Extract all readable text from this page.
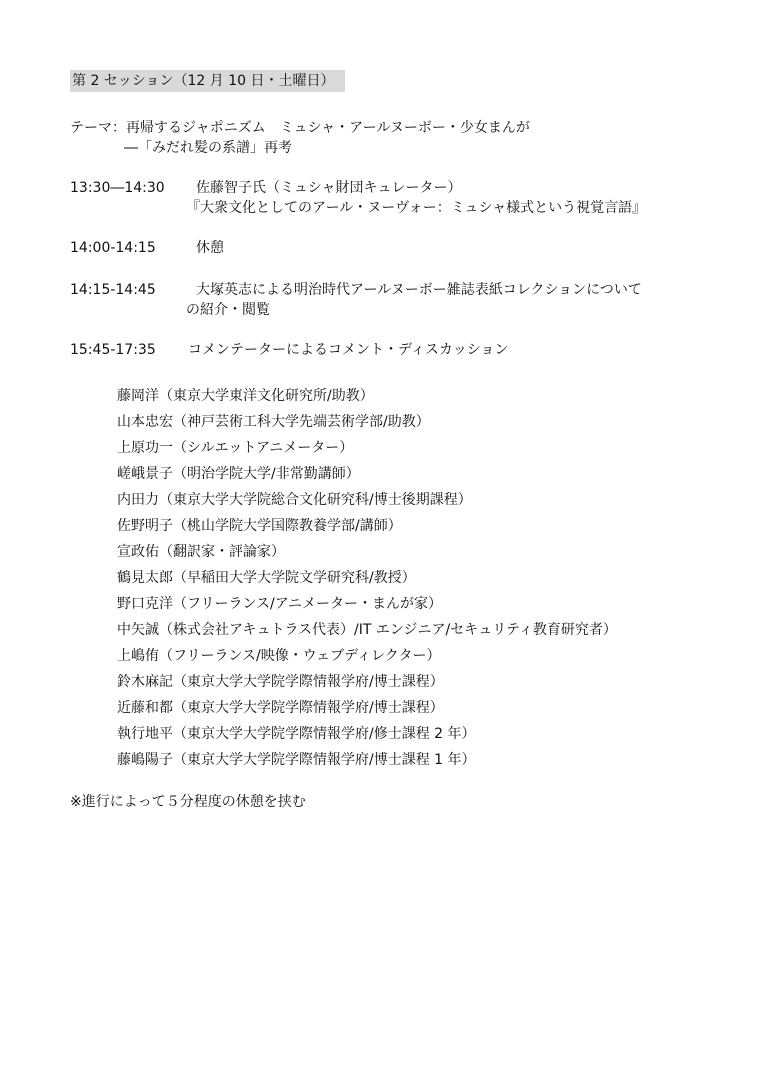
第 2 セッション（12 月 10 日・土曜日）
テーマ：再帰するジャポニズム　ミュシャ・アールヌーボー・少女まんが
―「みだれ髪の系譜」再考
13:30―14:30 佐藤智子氏（ミュシャ財団キュレーター）
『大衆文化としてのアール・ヌーヴォー：ミュシャ様式という視覚言語』
14:00-14:15	休憩
14:15-14:45	大塚英志による明治時代アールヌーボー雑誌表紙コレクションについて
の紹介・閲覧
15:45-17:35 コメンテーターによるコメント・ディスカッション
藤岡洋（東京大学東洋文化研究所/助教）
山本忠宏（神戸芸術工科大学先端芸術学部/助教）
上原功一（シルエットアニメーター）
嵯峨景子（明治学院大学/非常勤講師）
内田力（東京大学大学院総合文化研究科/博士後期課程）
佐野明子（桃山学院大学国際教養学部/講師）
宣政佑（翻訳家・評論家）
鶴見太郎（早稲田大学大学院文学研究科/教授）
野口克洋（フリーランス/アニメーター・まんが家）
中矢誠（株式会社アキュトラス代表）/IT エンジニア/セキュリティ教育研究者）
上嶋侑（フリーランス/映像・ウェブディレクター）
鈴木麻記（東京大学大学院学際情報学府/博士課程）
近藤和都（東京大学大学院学際情報学府/博士課程）
執行地平（東京大学大学院学際情報学府/修士課程 2 年）
藤嶋陽子（東京大学大学院学際情報学府/博士課程 1 年）
※進行によって５分程度の休憩を挟む
